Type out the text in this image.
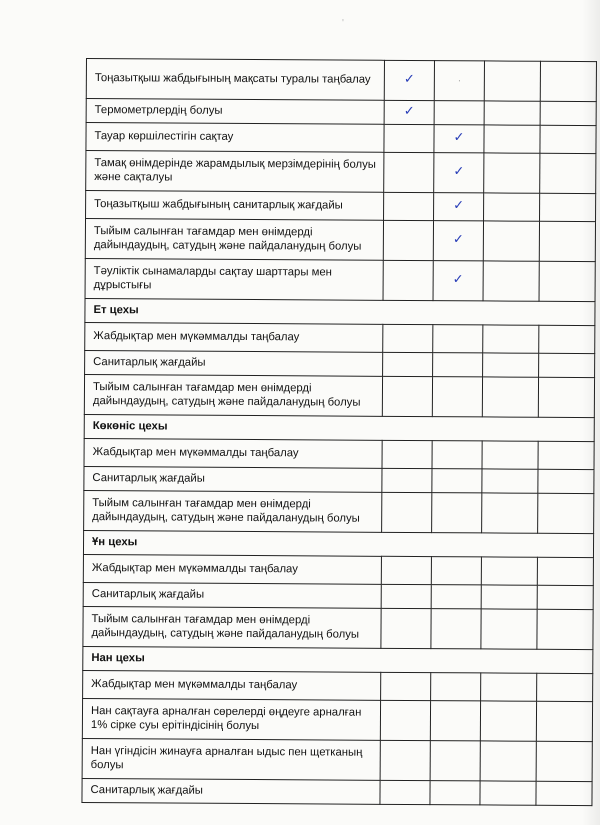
'
Тоңазытқыш жабдығының мақсаты туралы таңбалау	✓	·		
Термометрлердің болуы	✓			
Тауар көршілестігін сақтау		✓		
Тамақ өнімдерінде жарамдылық мерзімдерінің болуы және сақталуы		✓		
Тоңазытқыш жабдығының санитарлық жағдайы		✓		
Тыйым салынған тағамдар мен өнімдерді дайындаудың, сатудың және пайдаланудың болуы		✓		
Тәуліктік сынамаларды сақтау шарттары мен дұрыстығы		✓		
Ет цехы				
Жабдықтар мен мүкәммалды таңбалау				
Санитарлық жағдайы				
Тыйым салынған тағамдар мен өнімдерді дайындаудың, сатудың және пайдаланудың болуы				
Көкөніс цехы				
Жабдықтар мен мүкәммалды таңбалау				
Санитарлық жағдайы				
Тыйым салынған тағамдар мен өнімдерді дайындаудың, сатудың және пайдаланудың болуы				
Ұн цехы				
Жабдықтар мен мүкәммалды таңбалау				
Санитарлық жағдайы				
Тыйым салынған тағамдар мен өнімдерді дайындаудың, сатудың және пайдаланудың болуы				
Нан цехы				
Жабдықтар мен мүкәммалды таңбалау				
Нан сақтауға арналған сөрелерді өңдеуге арналған 1% сірке суы ерітіндісінің болуы				
Нан үгіндісін жинауға арналған ыдыс пен щетканың болуы				
Санитарлық жағдайы				
